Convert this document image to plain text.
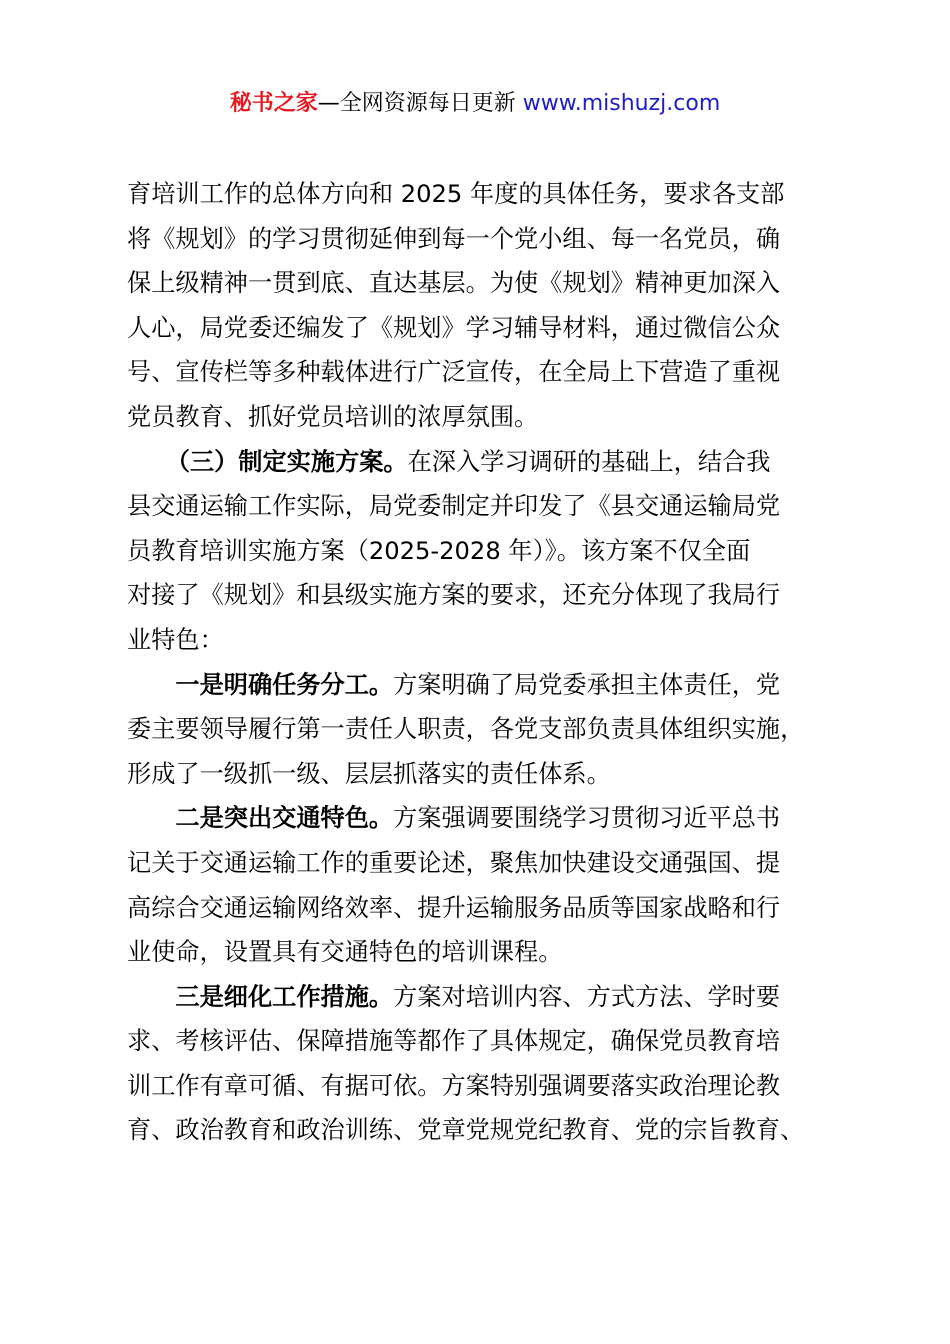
秘书之家—全网资源每日更新 www.mishuzj.com
育培训工作的总体方向和 2025 年度的具体任务，要求各支部
将《规划》的学习贯彻延伸到每一个党小组、每一名党员，确
保上级精神一贯到底、直达基层。为使《规划》精神更加深入
人心，局党委还编发了《规划》学习辅导材料，通过微信公众
号、宣传栏等多种载体进行广泛宣传，在全局上下营造了重视
党员教育、抓好党员培训的浓厚氛围。
（三）制定实施方案。在深入学习调研的基础上，结合我
县交通运输工作实际，局党委制定并印发了《县交通运输局党
员教育培训实施方案（2025-2028 年）》。该方案不仅全面
对接了《规划》和县级实施方案的要求，还充分体现了我局行
业特色：
一是明确任务分工。方案明确了局党委承担主体责任，党
委主要领导履行第一责任人职责，各党支部负责具体组织实施，
形成了一级抓一级、层层抓落实的责任体系。
二是突出交通特色。方案强调要围绕学习贯彻习近平总书
记关于交通运输工作的重要论述，聚焦加快建设交通强国、提
高综合交通运输网络效率、提升运输服务品质等国家战略和行
业使命，设置具有交通特色的培训课程。
三是细化工作措施。方案对培训内容、方式方法、学时要
求、考核评估、保障措施等都作了具体规定，确保党员教育培
训工作有章可循、有据可依。方案特别强调要落实政治理论教
育、政治教育和政治训练、党章党规党纪教育、党的宗旨教育、
